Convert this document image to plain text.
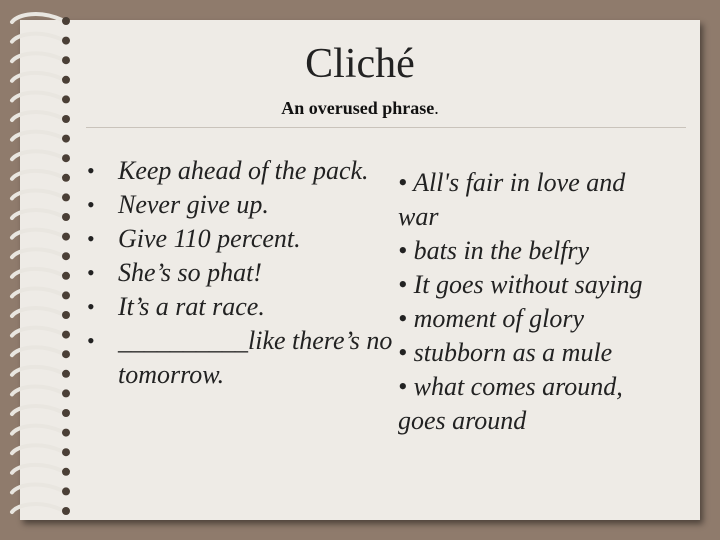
Cliché

An overused phrase.

• Keep ahead of the pack.
• Never give up.
• Give 110 percent.
• She’s so phat!
• It’s a rat race.
• __________like there’s no tomorrow.
• All's fair in love and
war
• bats in the belfry
• It goes without saying
• moment of glory
• stubborn as a mule
• what comes around,
goes around
